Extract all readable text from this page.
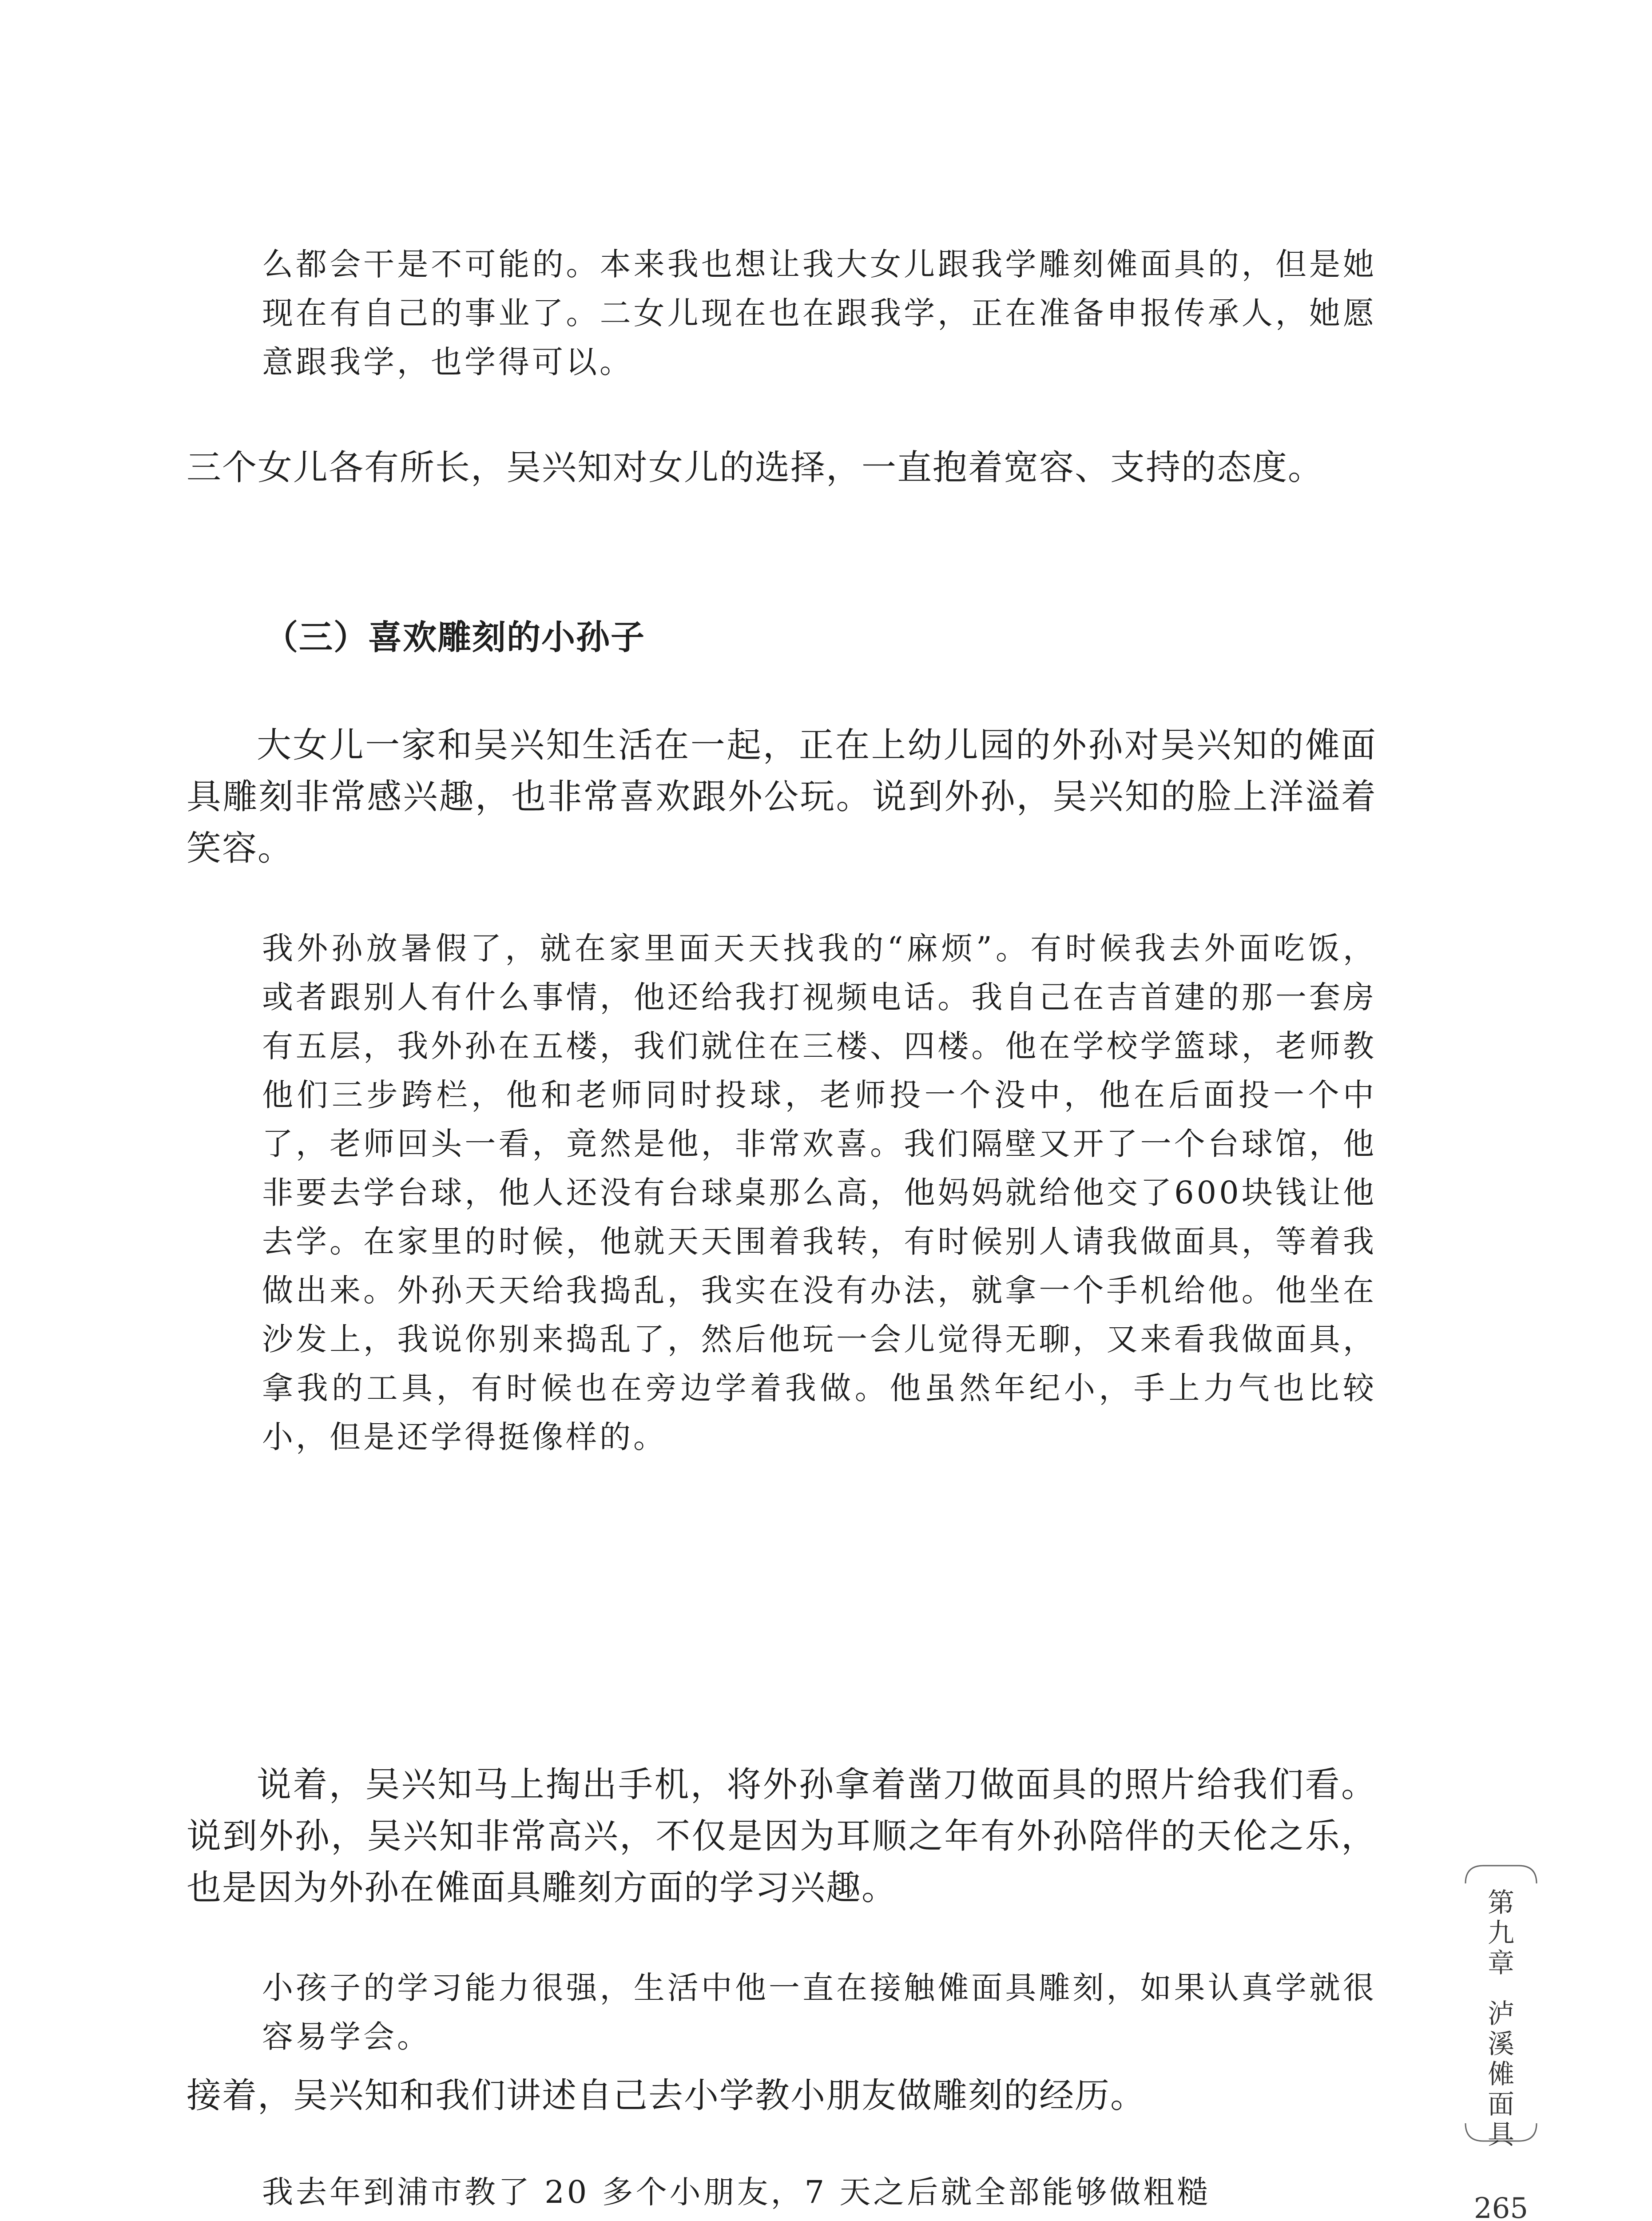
么都会干是不可能的。本来我也想让我大女儿跟我学雕刻傩面具的，但是她现在有自己的事业了。二女儿现在也在跟我学，正在准备申报传承人，她愿意跟我学，也学得可以。

三个女儿各有所长，吴兴知对女儿的选择，一直抱着宽容、支持的态度。

（三）喜欢雕刻的小孙子

大女儿一家和吴兴知生活在一起，正在上幼儿园的外孙对吴兴知的傩面具雕刻非常感兴趣，也非常喜欢跟外公玩。说到外孙，吴兴知的脸上洋溢着笑容。

我外孙放暑假了，就在家里面天天找我的“麻烦”。有时候我去外面吃饭，或者跟别人有什么事情，他还给我打视频电话。我自己在吉首建的那一套房有五层，我外孙在五楼，我们就住在三楼、四楼。他在学校学篮球，老师教他们三步跨栏，他和老师同时投球，老师投一个没中，他在后面投一个中了，老师回头一看，竟然是他，非常欢喜。我们隔壁又开了一个台球馆，他非要去学台球，他人还没有台球桌那么高，他妈妈就给他交了600块钱让他去学。在家里的时候，他就天天围着我转，有时候别人请我做面具，等着我做出来。外孙天天给我捣乱，我实在没有办法，就拿一个手机给他。他坐在沙发上，我说你别来捣乱了，然后他玩一会儿觉得无聊，又来看我做面具，拿我的工具，有时候也在旁边学着我做。他虽然年纪小，手上力气也比较小，但是还学得挺像样的。

说着，吴兴知马上掏出手机，将外孙拿着凿刀做面具的照片给我们看。说到外孙，吴兴知非常高兴，不仅是因为耳顺之年有外孙陪伴的天伦之乐，也是因为外孙在傩面具雕刻方面的学习兴趣。

小孩子的学习能力很强，生活中他一直在接触傩面具雕刻，如果认真学就很容易学会。

接着，吴兴知和我们讲述自己去小学教小朋友做雕刻的经历。

我去年到浦市教了 20 多个小朋友，7 天之后就全部能够做粗糙

第九章
泸溪傩面具
265
